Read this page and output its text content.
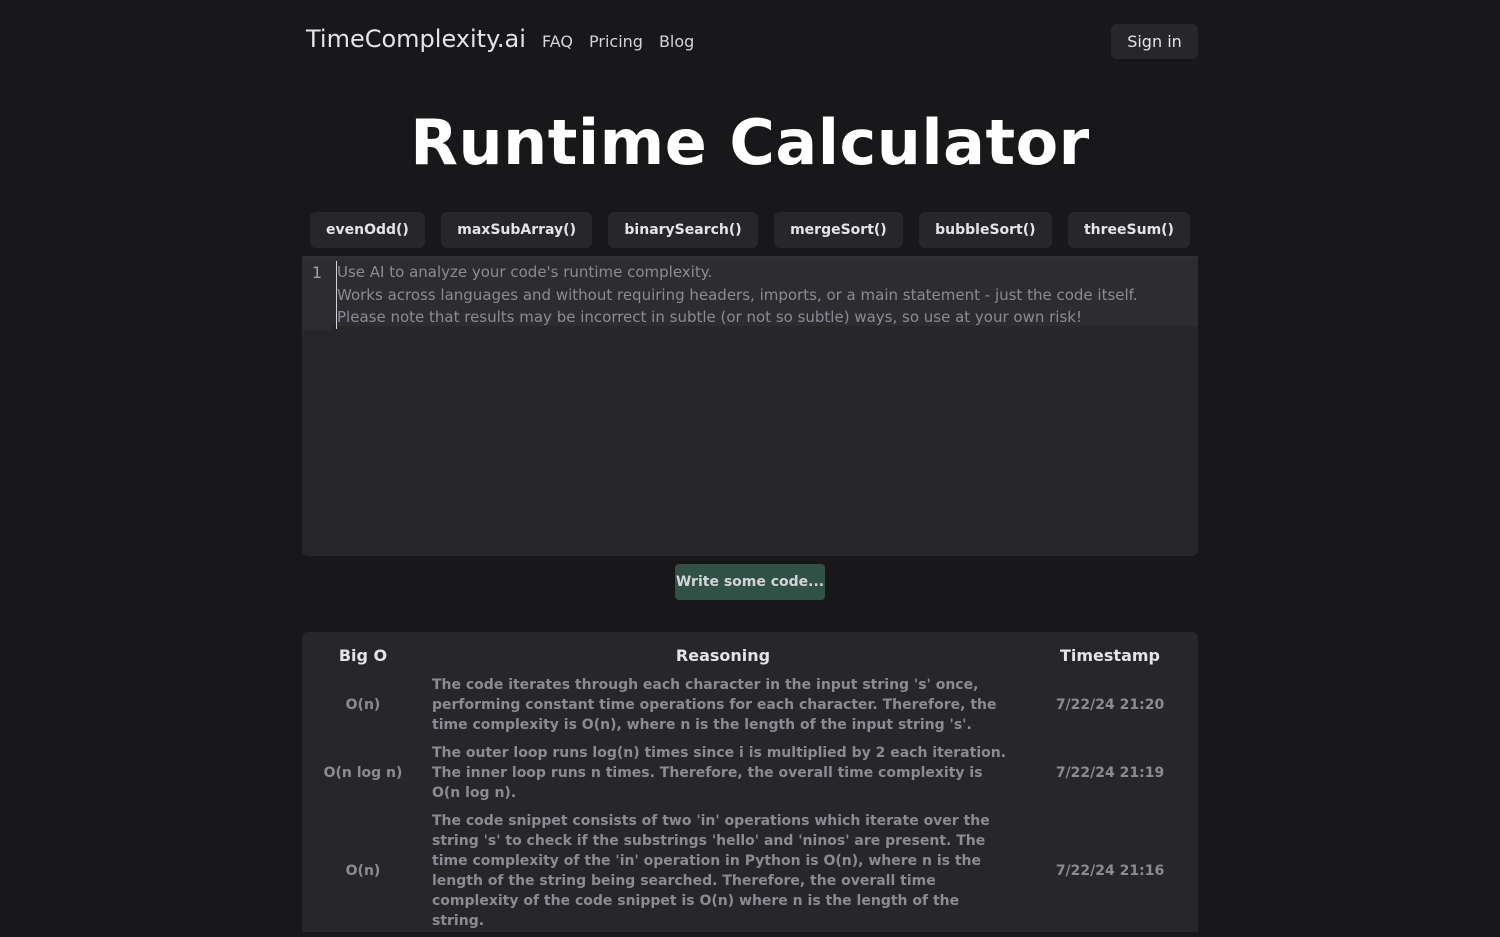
TimeComplexity.ai FAQ Pricing Blog	Sign in
Runtime Calculator
evenOdd()	maxSubArray()	binarySearch()	mergeSort()	bubbleSort()	threeSum()
1 Use AI to analyze your code's runtime complexity.
Works across languages and without requiring headers, imports, or a main statement - just the code itself.
Please note that results may be incorrect in subtle (or not so subtle) ways, so use at your own risk!
Write some code...
Big O	Reasoning	Timestamp
O(n)	The code iterates through each character in the input string 's' once, performing constant time operations for each character. Therefore, the time complexity is O(n), where n is the length of the input string 's'.	7/22/24 21:20
O(n log n)	The outer loop runs log(n) times since i is multiplied by 2 each iteration. The inner loop runs n times. Therefore, the overall time complexity is O(n log n).	7/22/24 21:19
O(n)	The code snippet consists of two 'in' operations which iterate over the string 's' to check if the substrings 'hello' and 'ninos' are present. The time complexity of the 'in' operation in Python is O(n), where n is the length of the string being searched. Therefore, the overall time complexity of the code snippet is O(n) where n is the length of the string.	7/22/24 21:16
